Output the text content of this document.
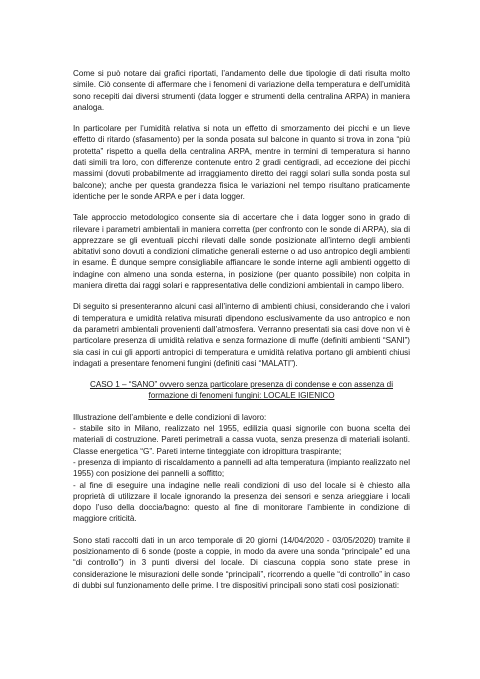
Come si può notare dai grafici riportati, l’andamento delle due tipologie di dati risulta molto simile. Ciò consente di affermare che i fenomeni di variazione della temperatura e dell’umidità sono recepiti dai diversi strumenti (data logger e strumenti della centralina ARPA) in maniera analoga.

In particolare per l’umidità relativa si nota un effetto di smorzamento dei picchi e un lieve effetto di ritardo (sfasamento) per la sonda posata sul balcone in quanto si trova in zona “più protetta” rispetto a quella della centralina ARPA, mentre in termini di temperatura si hanno dati simili tra loro, con differenze contenute entro 2 gradi centigradi, ad eccezione dei picchi massimi (dovuti probabilmente ad irraggiamento diretto dei raggi solari sulla sonda posta sul balcone); anche per questa grandezza fisica le variazioni nel tempo risultano praticamente identiche per le sonde ARPA e per i data logger.

Tale approccio metodologico consente sia di accertare che i data logger sono in grado di rilevare i parametri ambientali in maniera corretta (per confronto con le sonde di ARPA), sia di apprezzare se gli eventuali picchi rilevati dalle sonde posizionate all’interno degli ambienti abitativi sono dovuti a condizioni climatiche generali esterne o ad uso antropico degli ambienti in esame. È dunque sempre consigliabile affiancare le sonde interne agli ambienti oggetto di indagine con almeno una sonda esterna, in posizione (per quanto possibile) non colpita in maniera diretta dai raggi solari e rappresentativa delle condizioni ambientali in campo libero.

Di seguito si presenteranno alcuni casi all’interno di ambienti chiusi, considerando che i valori di temperatura e umidità relativa misurati dipendono esclusivamente da uso antropico e non da parametri ambientali provenienti dall’atmosfera. Verranno presentati sia casi dove non vi è particolare presenza di umidità relativa e senza formazione di muffe (definiti ambienti “SANI”) sia casi in cui gli apporti antropici di temperatura e umidità relativa portano gli ambienti chiusi indagati a presentare fenomeni fungini (definiti casi “MALATI”).

CASO 1 – “SANO” ovvero senza particolare presenza di condense e con assenza di formazione di fenomeni fungini: LOCALE IGIENICO

Illustrazione dell’ambiente e delle condizioni di lavoro:
- stabile sito in Milano, realizzato nel 1955, edilizia quasi signorile con buona scelta dei materiali di costruzione. Pareti perimetrali a cassa vuota, senza presenza di materiali isolanti. Classe energetica “G”. Pareti interne tinteggiate con idropittura traspirante;
- presenza di impianto di riscaldamento a pannelli ad alta temperatura (impianto realizzato nel 1955) con posizione dei pannelli a soffitto;
- al fine di eseguire una indagine nelle reali condizioni di uso del locale si è chiesto alla proprietà di utilizzare il locale ignorando la presenza dei sensori e senza arieggiare i locali dopo l’uso della doccia/bagno: questo al fine di monitorare l’ambiente in condizione di maggiore criticità.

Sono stati raccolti dati in un arco temporale di 20 giorni (14/04/2020 - 03/05/2020) tramite il posizionamento di 6 sonde (poste a coppie, in modo da avere una sonda “principale” ed una “di controllo”) in 3 punti diversi del locale. Di ciascuna coppia sono state prese in considerazione le misurazioni delle sonde “principali”, ricorrendo a quelle “di controllo” in caso di dubbi sul funzionamento delle prime. I tre dispositivi principali sono stati così posizionati:
